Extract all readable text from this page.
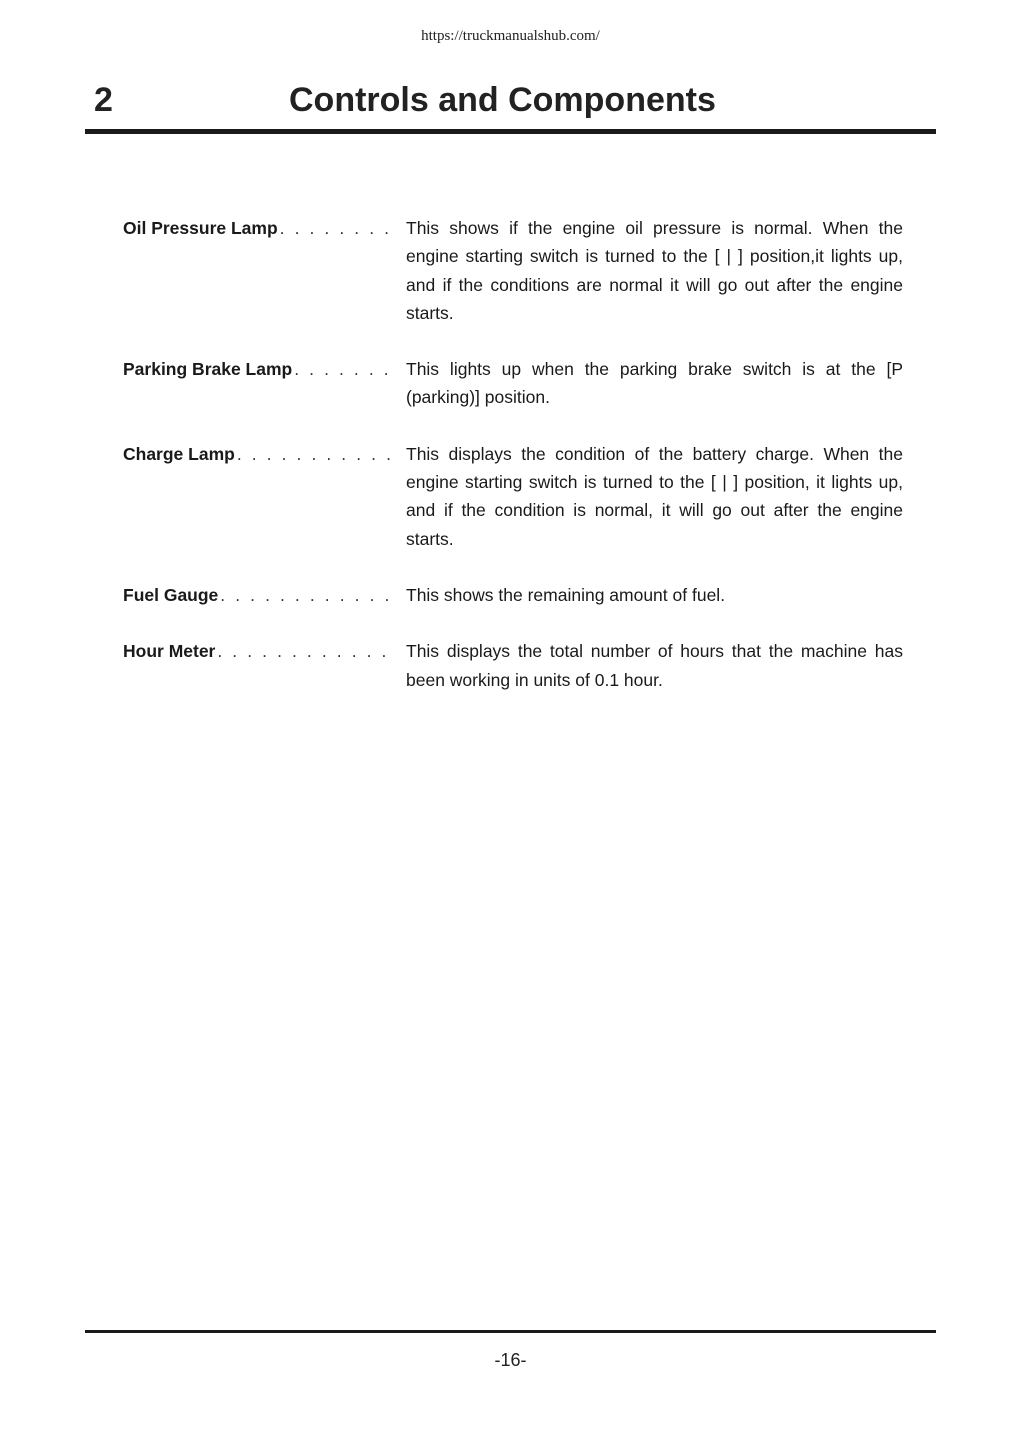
https://truckmanualshub.com/
2	Controls and Components
Oil Pressure Lamp . . .	This shows if the engine oil pressure is normal. When the engine starting switch is turned to the [ | ] position,it lights up, and if the conditions are normal it will go out after the engine starts.
Parking Brake Lamp . . .	This lights up when the parking brake switch is at the [P (parking)] position.
Charge Lamp . . .	This displays the condition of the battery charge. When the engine starting switch is turned to the [ | ] position, it lights up, and if the condition is normal, it will go out after the engine starts.
Fuel Gauge . . .	This shows the remaining amount of fuel.
Hour Meter . . .	This displays the total number of hours that the machine has been working in units of 0.1 hour.
-16-
